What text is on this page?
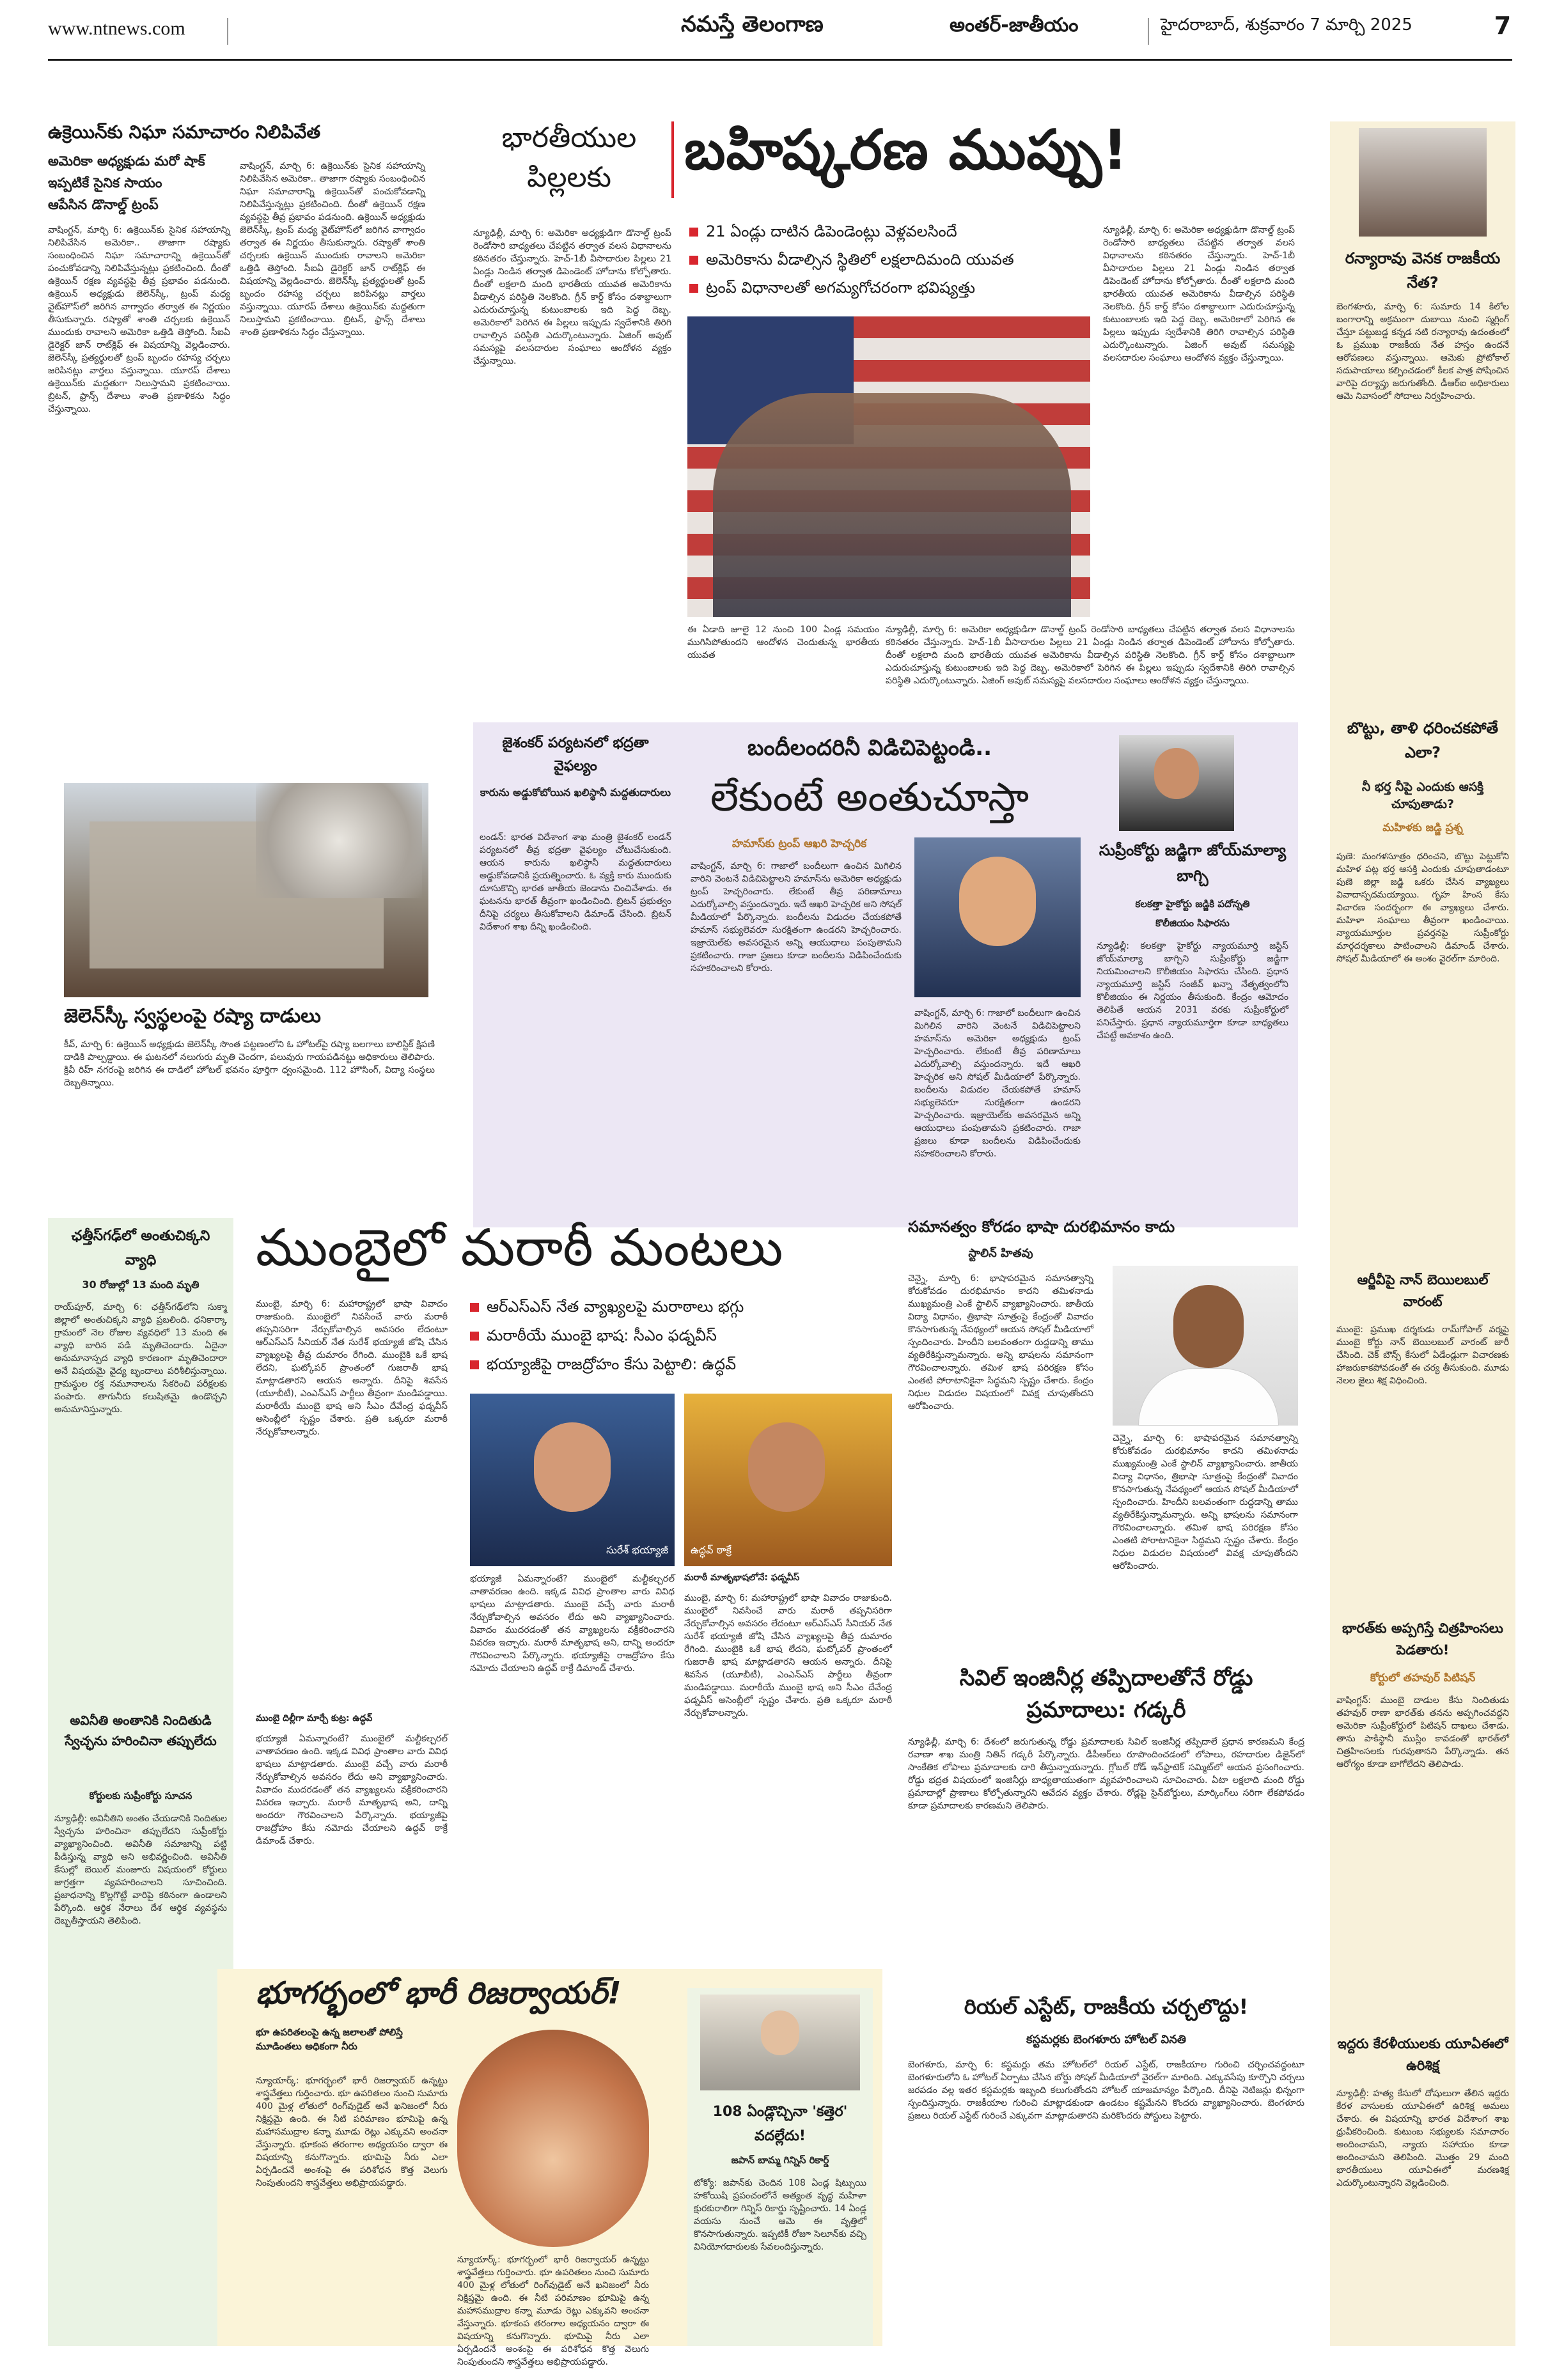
www.ntnews.com	నమస్తే తెలంగాణ	అంతర్-జాతీయం	హైదరాబాద్, శుక్రవారం 7 మార్చి 2025	7
ఉక్రెయిన్‌కు నిఘా సమాచారం నిలిపివేత
అమెరికా అధ్యక్షుడు మరో షాక్
ఇప్పటికే సైనిక సాయం
ఆపేసిన డొనాల్డ్ ట్రంప్
వాషింగ్టన్, మార్చి 6: ఉక్రెయిన్‌కు సైనిక సహాయాన్ని నిలిపివేసిన అమెరికా.. తాజాగా రష్యాకు సంబంధించిన నిఘా సమాచారాన్ని ఉక్రెయిన్‌తో పంచుకోవడాన్ని నిలిపివేస్తున్నట్లు ప్రకటించింది. దీంతో ఉక్రెయిన్ రక్షణ వ్యవస్థపై తీవ్ర ప్రభావం పడనుంది. ఉక్రెయిన్ అధ్యక్షుడు జెలెన్‌స్కీ, ట్రంప్ మధ్య వైట్‌హౌస్‌లో జరిగిన వాగ్వాదం తర్వాత ఈ నిర్ణయం తీసుకున్నారు. రష్యాతో శాంతి చర్చలకు ఉక్రెయిన్ ముందుకు రావాలని అమెరికా ఒత్తిడి తెస్తోంది. సీఐఏ డైరెక్టర్ జాన్ రాట్‌క్లిఫ్ ఈ విషయాన్ని వెల్లడించారు. జెలెన్‌స్కీ ప్రత్యర్థులతో ట్రంప్ బృందం రహస్య చర్చలు జరిపినట్లు వార్తలు వస్తున్నాయి. యూరప్ దేశాలు ఉక్రెయిన్‌కు మద్దతుగా నిలుస్తామని ప్రకటించాయి. బ్రిటన్, ఫ్రాన్స్ దేశాలు శాంతి ప్రణాళికను సిద్ధం చేస్తున్నాయి.
వాషింగ్టన్, మార్చి 6: ఉక్రెయిన్‌కు సైనిక సహాయాన్ని నిలిపివేసిన అమెరికా.. తాజాగా రష్యాకు సంబంధించిన నిఘా సమాచారాన్ని ఉక్రెయిన్‌తో పంచుకోవడాన్ని నిలిపివేస్తున్నట్లు ప్రకటించింది. దీంతో ఉక్రెయిన్ రక్షణ వ్యవస్థపై తీవ్ర ప్రభావం పడనుంది. ఉక్రెయిన్ అధ్యక్షుడు జెలెన్‌స్కీ, ట్రంప్ మధ్య వైట్‌హౌస్‌లో జరిగిన వాగ్వాదం తర్వాత ఈ నిర్ణయం తీసుకున్నారు. రష్యాతో శాంతి చర్చలకు ఉక్రెయిన్ ముందుకు రావాలని అమెరికా ఒత్తిడి తెస్తోంది. సీఐఏ డైరెక్టర్ జాన్ రాట్‌క్లిఫ్ ఈ విషయాన్ని వెల్లడించారు. జెలెన్‌స్కీ ప్రత్యర్థులతో ట్రంప్ బృందం రహస్య చర్చలు జరిపినట్లు వార్తలు వస్తున్నాయి. యూరప్ దేశాలు ఉక్రెయిన్‌కు మద్దతుగా నిలుస్తామని ప్రకటించాయి. బ్రిటన్, ఫ్రాన్స్ దేశాలు శాంతి ప్రణాళికను సిద్ధం చేస్తున్నాయి.
జెలెన్‌స్కీ స్వస్థలంపై రష్యా దాడులు
కీవ్, మార్చి 6: ఉక్రెయిన్ అధ్యక్షుడు జెలెన్‌స్కీ సొంత పట్టణంలోని ఓ హోటల్‌పై రష్యా బలగాలు బాలిస్టిక్ క్షిపణి దాడికి పాల్పడ్డాయి. ఈ ఘటనలో నలుగురు మృతి చెందగా, పలువురు గాయపడినట్టు అధికారులు తెలిపారు. క్రివీ రిహ్ నగరంపై జరిగిన ఈ దాడిలో హోటల్ భవనం పూర్తిగా ధ్వంసమైంది. 112 హౌసింగ్, విద్యా సంస్థలు దెబ్బతిన్నాయి.
భారతీయుల పిల్లలకు	బహిష్కరణ ముప్పు!
న్యూఢిల్లీ, మార్చి 6: అమెరికా అధ్యక్షుడిగా డొనాల్డ్ ట్రంప్ రెండోసారి బాధ్యతలు చేపట్టిన తర్వాత వలస విధానాలను కఠినతరం చేస్తున్నారు. హెచ్-1బీ వీసాదారుల పిల్లలు 21 ఏండ్లు నిండిన తర్వాత డిపెండెంట్ హోదాను కోల్పోతారు. దీంతో లక్షలాది మంది భారతీయ యువత అమెరికాను వీడాల్సిన పరిస్థితి నెలకొంది. గ్రీన్ కార్డ్ కోసం దశాబ్దాలుగా ఎదురుచూస్తున్న కుటుంబాలకు ఇది పెద్ద దెబ్బ. అమెరికాలో పెరిగిన ఈ పిల్లలు ఇప్పుడు స్వదేశానికి తిరిగి రావాల్సిన పరిస్థితి ఎదుర్కొంటున్నారు. ఏజింగ్ అవుట్ సమస్యపై వలసదారుల సంఘాలు ఆందోళన వ్యక్తం చేస్తున్నాయి.
21 ఏండ్లు దాటిన డిపెండెంట్లు వెళ్లవలసిందే
అమెరికాను వీడాల్సిన స్థితిలో లక్షలాదిమంది యువత
ట్రంప్ విధానాలతో అగమ్యగోచరంగా భవిష్యత్తు
ఈ ఏడాది జూలై 12 నుంచి 100 ఏండ్ల సమయం ముగిసిపోతుందని ఆందోళన చెందుతున్న భారతీయ యువత
న్యూఢిల్లీ, మార్చి 6: అమెరికా అధ్యక్షుడిగా డొనాల్డ్ ట్రంప్ రెండోసారి బాధ్యతలు చేపట్టిన తర్వాత వలస విధానాలను కఠినతరం చేస్తున్నారు. హెచ్-1బీ వీసాదారుల పిల్లలు 21 ఏండ్లు నిండిన తర్వాత డిపెండెంట్ హోదాను కోల్పోతారు. దీంతో లక్షలాది మంది భారతీయ యువత అమెరికాను వీడాల్సిన పరిస్థితి నెలకొంది. గ్రీన్ కార్డ్ కోసం దశాబ్దాలుగా ఎదురుచూస్తున్న కుటుంబాలకు ఇది పెద్ద దెబ్బ. అమెరికాలో పెరిగిన ఈ పిల్లలు ఇప్పుడు స్వదేశానికి తిరిగి రావాల్సిన పరిస్థితి ఎదుర్కొంటున్నారు. ఏజింగ్ అవుట్ సమస్యపై వలసదారుల సంఘాలు ఆందోళన వ్యక్తం చేస్తున్నాయి.
న్యూఢిల్లీ, మార్చి 6: అమెరికా అధ్యక్షుడిగా డొనాల్డ్ ట్రంప్ రెండోసారి బాధ్యతలు చేపట్టిన తర్వాత వలస విధానాలను కఠినతరం చేస్తున్నారు. హెచ్-1బీ వీసాదారుల పిల్లలు 21 ఏండ్లు నిండిన తర్వాత డిపెండెంట్ హోదాను కోల్పోతారు. దీంతో లక్షలాది మంది భారతీయ యువత అమెరికాను వీడాల్సిన పరిస్థితి నెలకొంది. గ్రీన్ కార్డ్ కోసం దశాబ్దాలుగా ఎదురుచూస్తున్న కుటుంబాలకు ఇది పెద్ద దెబ్బ. అమెరికాలో పెరిగిన ఈ పిల్లలు ఇప్పుడు స్వదేశానికి తిరిగి రావాల్సిన పరిస్థితి ఎదుర్కొంటున్నారు. ఏజింగ్ అవుట్ సమస్యపై వలసదారుల సంఘాలు ఆందోళన వ్యక్తం చేస్తున్నాయి.
రన్యారావు వెనక రాజకీయ నేత?
బెంగళూరు, మార్చి 6: సుమారు 14 కిలోల బంగారాన్ని అక్రమంగా దుబాయి నుంచి స్మగ్లింగ్ చేస్తూ పట్టుబడ్డ కన్నడ నటి రన్యారావు ఉదంతంలో ఓ ప్రముఖ రాజకీయ నేత హస్తం ఉందనే ఆరోపణలు వస్తున్నాయి. ఆమెకు ప్రోటోకాల్ సదుపాయాలు కల్పించడంలో కీలక పాత్ర పోషించిన వారిపై దర్యాప్తు జరుగుతోంది. డీఆర్ఐ అధికారులు ఆమె నివాసంలో సోదాలు నిర్వహించారు.
బొట్టు, తాళి ధరించకపోతే ఎలా?
నీ భర్త నీపై ఎందుకు ఆసక్తి చూపుతాడు?
మహిళకు జడ్జి ప్రశ్న
పుణె: మంగళసూత్రం ధరించని, బొట్టు పెట్టుకోని మహిళ పట్ల భర్త ఆసక్తి ఎందుకు చూపుతాడంటూ పుణె జిల్లా జడ్జి ఒకరు చేసిన వ్యాఖ్యలు వివాదాస్పదమయ్యాయి. గృహ హింస కేసు విచారణ సందర్భంగా ఈ వ్యాఖ్యలు చేశారు. మహిళా సంఘాలు తీవ్రంగా ఖండించాయి. న్యాయమూర్తుల ప్రవర్తనపై సుప్రీంకోర్టు మార్గదర్శకాలు పాటించాలని డిమాండ్ చేశారు. సోషల్ మీడియాలో ఈ అంశం వైరల్‌గా మారింది.
ఆర్జీవీపై నాన్ బెయిలబుల్ వారంట్
ముంబై: ప్రముఖ దర్శకుడు రామ్‌గోపాల్ వర్మపై ముంబై కోర్టు నాన్ బెయిలబుల్ వారంట్ జారీ చేసింది. చెక్ బౌన్స్ కేసులో ఏడేండ్లుగా విచారణకు హాజరుకాకపోవడంతో ఈ చర్య తీసుకుంది. మూడు నెలల జైలు శిక్ష విధించింది.
భారత్‌కు అప్పగిస్తే చిత్రహింసలు పెడతారు!
కోర్టులో తహవుర్ పిటిషన్
వాషింగ్టన్: ముంబై దాడుల కేసు నిందితుడు తహవుర్ రాణా భారత్‌కు తనను అప్పగించవద్దని అమెరికా సుప్రీంకోర్టులో పిటిషన్ దాఖలు చేశాడు. తాను పాకిస్థానీ ముస్లిం కావడంతో భారత్‌లో చిత్రహింసలకు గురవుతానని పేర్కొన్నాడు. తన ఆరోగ్యం కూడా బాగోలేదని తెలిపాడు.
ఇద్దరు కేరళీయులకు యూఏఈలో ఉరిశిక్ష
న్యూఢిల్లీ: హత్య కేసులో దోషులుగా తేలిన ఇద్దరు కేరళ వాసులకు యూఏఈలో ఉరిశిక్ష అమలు చేశారు. ఈ విషయాన్ని భారత విదేశాంగ శాఖ ధ్రువీకరించింది. కుటుంబ సభ్యులకు సమాచారం అందించామని, న్యాయ సహాయం కూడా అందించామని తెలిపింది. మొత్తం 29 మంది భారతీయులు యూఏఈలో మరణశిక్ష ఎదుర్కొంటున్నారని వెల్లడించింది.
జైశంకర్ పర్యటనలో భద్రతా వైఫల్యం
కారును అడ్డుకోబోయిన ఖలిస్థానీ మద్దతుదారులు
లండన్: భారత విదేశాంగ శాఖ మంత్రి జైశంకర్ లండన్ పర్యటనలో తీవ్ర భద్రతా వైఫల్యం చోటుచేసుకుంది. ఆయన కారును ఖలిస్థానీ మద్దతుదారులు అడ్డుకోవడానికి ప్రయత్నించారు. ఓ వ్యక్తి కారు ముందుకు దూసుకొచ్చి భారత జాతీయ జెండాను చించివేశాడు. ఈ ఘటనను భారత్ తీవ్రంగా ఖండించింది. బ్రిటన్ ప్రభుత్వం దీనిపై చర్యలు తీసుకోవాలని డిమాండ్ చేసింది. బ్రిటన్ విదేశాంగ శాఖ దీన్ని ఖండించింది.
బందీలందరినీ విడిచిపెట్టండి..
లేకుంటే అంతుచూస్తా
హమాస్‌కు ట్రంప్ ఆఖరి హెచ్చరిక
వాషింగ్టన్, మార్చి 6: గాజాలో బందీలుగా ఉంచిన మిగిలిన వారిని వెంటనే విడిచిపెట్టాలని హమాస్‌ను అమెరికా అధ్యక్షుడు ట్రంప్ హెచ్చరించారు. లేకుంటే తీవ్ర పరిణామాలు ఎదుర్కోవాల్సి వస్తుందన్నారు. ఇదే ఆఖరి హెచ్చరిక అని సోషల్ మీడియాలో పేర్కొన్నారు. బందీలను విడుదల చేయకపోతే హమాస్ సభ్యులెవరూ సురక్షితంగా ఉండరని హెచ్చరించారు. ఇజ్రాయెల్‌కు అవసరమైన అన్ని ఆయుధాలు పంపుతామని ప్రకటించారు. గాజా ప్రజలు కూడా బందీలను విడిపించేందుకు సహకరించాలని కోరారు.
వాషింగ్టన్, మార్చి 6: గాజాలో బందీలుగా ఉంచిన మిగిలిన వారిని వెంటనే విడిచిపెట్టాలని హమాస్‌ను అమెరికా అధ్యక్షుడు ట్రంప్ హెచ్చరించారు. లేకుంటే తీవ్ర పరిణామాలు ఎదుర్కోవాల్సి వస్తుందన్నారు. ఇదే ఆఖరి హెచ్చరిక అని సోషల్ మీడియాలో పేర్కొన్నారు. బందీలను విడుదల చేయకపోతే హమాస్ సభ్యులెవరూ సురక్షితంగా ఉండరని హెచ్చరించారు. ఇజ్రాయెల్‌కు అవసరమైన అన్ని ఆయుధాలు పంపుతామని ప్రకటించారు. గాజా ప్రజలు కూడా బందీలను విడిపించేందుకు సహకరించాలని కోరారు.
సుప్రీంకోర్టు జడ్జిగా జోయ్‌మాల్యా బాగ్చి
కలకత్తా హైకోర్టు జడ్జికి పదోన్నతి
కొలీజియం సిఫారసు
న్యూఢిల్లీ: కలకత్తా హైకోర్టు న్యాయమూర్తి జస్టిస్ జోయ్‌మాల్యా బాగ్చిని సుప్రీంకోర్టు జడ్జిగా నియమించాలని కొలీజియం సిఫారసు చేసింది. ప్రధాన న్యాయమూర్తి జస్టిస్ సంజీవ్ ఖన్నా నేతృత్వంలోని కొలీజియం ఈ నిర్ణయం తీసుకుంది. కేంద్రం ఆమోదం తెలిపితే ఆయన 2031 వరకు సుప్రీంకోర్టులో పనిచేస్తారు. ప్రధాన న్యాయమూర్తిగా కూడా బాధ్యతలు చేపట్టే అవకాశం ఉంది.
ఛత్తీస్‌గఢ్‌లో అంతుచిక్కని వ్యాధి
30 రోజుల్లో 13 మంది మృతి
రాయ్‌పూర్, మార్చి 6: ఛత్తీస్‌గఢ్‌లోని సుక్మా జిల్లాలో అంతుచిక్కని వ్యాధి ప్రబలింది. ధనికార్కా గ్రామంలో నెల రోజుల వ్యవధిలో 13 మంది ఈ వ్యాధి బారిన పడి మృతిచెందారు. ఏదైనా అనుమానాస్పద వ్యాధి కారణంగా మృతిచెందారా అనే విషయమై వైద్య బృందాలు పరిశీలిస్తున్నాయి. గ్రామస్థుల రక్త నమూనాలను సేకరించి పరీక్షలకు పంపారు. తాగునీరు కలుషితమై ఉండొచ్చని అనుమానిస్తున్నారు.
అవినీతి అంతానికి నిందితుడి స్వేచ్ఛను హరించినా తప్పులేదు
కోర్టులకు సుప్రీంకోర్టు సూచన
న్యూఢిల్లీ: అవినీతిని అంతం చేయడానికి నిందితుల స్వేచ్ఛను హరించినా తప్పులేదని సుప్రీంకోర్టు వ్యాఖ్యానించింది. అవినీతి సమాజాన్ని పట్టి పీడిస్తున్న వ్యాధి అని అభివర్ణించింది. అవినీతి కేసుల్లో బెయిల్ మంజూరు విషయంలో కోర్టులు జాగ్రత్తగా వ్యవహరించాలని సూచించింది. ప్రజాధనాన్ని కొల్లగొట్టే వారిపై కఠినంగా ఉండాలని పేర్కొంది. ఆర్థిక నేరాలు దేశ ఆర్థిక వ్యవస్థను దెబ్బతీస్తాయని తెలిపింది.
ముంబైలో మరాఠీ మంటలు
ముంబై, మార్చి 6: మహారాష్ట్రలో భాషా వివాదం రాజుకుంది. ముంబైలో నివసించే వారు మరాఠీ తప్పనిసరిగా నేర్చుకోవాల్సిన అవసరం లేదంటూ ఆర్ఎస్ఎస్ సీనియర్ నేత సురేశ్ భయ్యాజీ జోషి చేసిన వ్యాఖ్యలపై తీవ్ర దుమారం రేగింది. ముంబైకి ఒకే భాష లేదని, ఘట్కోపర్ ప్రాంతంలో గుజరాతీ భాష మాట్లాడతారని ఆయన అన్నారు. దీనిపై శివసేన (యూబీటీ), ఎంఎన్ఎస్ పార్టీలు తీవ్రంగా మండిపడ్డాయి. మరాఠీయే ముంబై భాష అని సీఎం దేవేంద్ర ఫడ్నవీస్ అసెంబ్లీలో స్పష్టం చేశారు. ప్రతి ఒక్కరూ మరాఠీ నేర్చుకోవాలన్నారు.
ఆర్ఎస్ఎస్ నేత వ్యాఖ్యలపై మరాఠాలు భగ్గు
మరాఠీయే ముంబై భాష: సీఎం ఫడ్నవీస్
భయ్యాజీపై రాజద్రోహం కేసు పెట్టాలి: ఉద్ధవ్
సురేశ్ భయ్యాజీ ఉద్ధవ్ ఠాక్రే
భయ్యాజీ ఏమన్నారంటే? ముంబైలో మల్టీకల్చరల్ వాతావరణం ఉంది. ఇక్కడ వివిధ ప్రాంతాల వారు వివిధ భాషలు మాట్లాడతారు. ముంబై వచ్చే వారు మరాఠీ నేర్చుకోవాల్సిన అవసరం లేదు అని వ్యాఖ్యానించారు. వివాదం ముదరడంతో తన వ్యాఖ్యలను వక్రీకరించారని వివరణ ఇచ్చారు. మరాఠీ మాతృభాష అని, దాన్ని అందరూ గౌరవించాలని పేర్కొన్నారు. భయ్యాజీపై రాజద్రోహం కేసు నమోదు చేయాలని ఉద్ధవ్ ఠాక్రే డిమాండ్ చేశారు.
మరాఠీ మాతృభాషలోనే: ఫడ్నవీస్
ముంబై, మార్చి 6: మహారాష్ట్రలో భాషా వివాదం రాజుకుంది. ముంబైలో నివసించే వారు మరాఠీ తప్పనిసరిగా నేర్చుకోవాల్సిన అవసరం లేదంటూ ఆర్ఎస్ఎస్ సీనియర్ నేత సురేశ్ భయ్యాజీ జోషి చేసిన వ్యాఖ్యలపై తీవ్ర దుమారం రేగింది. ముంబైకి ఒకే భాష లేదని, ఘట్కోపర్ ప్రాంతంలో గుజరాతీ భాష మాట్లాడతారని ఆయన అన్నారు. దీనిపై శివసేన (యూబీటీ), ఎంఎన్ఎస్ పార్టీలు తీవ్రంగా మండిపడ్డాయి. మరాఠీయే ముంబై భాష అని సీఎం దేవేంద్ర ఫడ్నవీస్ అసెంబ్లీలో స్పష్టం చేశారు. ప్రతి ఒక్కరూ మరాఠీ నేర్చుకోవాలన్నారు.
ముంబై దిల్లీగా మార్చే కుట్ర: ఉద్ధవ్
భయ్యాజీ ఏమన్నారంటే? ముంబైలో మల్టీకల్చరల్ వాతావరణం ఉంది. ఇక్కడ వివిధ ప్రాంతాల వారు వివిధ భాషలు మాట్లాడతారు. ముంబై వచ్చే వారు మరాఠీ నేర్చుకోవాల్సిన అవసరం లేదు అని వ్యాఖ్యానించారు. వివాదం ముదరడంతో తన వ్యాఖ్యలను వక్రీకరించారని వివరణ ఇచ్చారు. మరాఠీ మాతృభాష అని, దాన్ని అందరూ గౌరవించాలని పేర్కొన్నారు. భయ్యాజీపై రాజద్రోహం కేసు నమోదు చేయాలని ఉద్ధవ్ ఠాక్రే డిమాండ్ చేశారు.
సమానత్వం కోరడం భాషా దురభిమానం కాదు
స్టాలిన్ హితవు
చెన్నై, మార్చి 6: భాషాపరమైన సమానత్వాన్ని కోరుకోవడం దురభిమానం కాదని తమిళనాడు ముఖ్యమంత్రి ఎంకే స్టాలిన్ వ్యాఖ్యానించారు. జాతీయ విద్యా విధానం, త్రిభాషా సూత్రంపై కేంద్రంతో వివాదం కొనసాగుతున్న నేపథ్యంలో ఆయన సోషల్ మీడియాలో స్పందించారు. హిందీని బలవంతంగా రుద్దడాన్ని తాము వ్యతిరేకిస్తున్నామన్నారు. అన్ని భాషలను సమానంగా గౌరవించాలన్నారు. తమిళ భాష పరిరక్షణ కోసం ఎంతటి పోరాటానికైనా సిద్ధమని స్పష్టం చేశారు. కేంద్రం నిధుల విడుదల విషయంలో వివక్ష చూపుతోందని ఆరోపించారు.
చెన్నై, మార్చి 6: భాషాపరమైన సమానత్వాన్ని కోరుకోవడం దురభిమానం కాదని తమిళనాడు ముఖ్యమంత్రి ఎంకే స్టాలిన్ వ్యాఖ్యానించారు. జాతీయ విద్యా విధానం, త్రిభాషా సూత్రంపై కేంద్రంతో వివాదం కొనసాగుతున్న నేపథ్యంలో ఆయన సోషల్ మీడియాలో స్పందించారు. హిందీని బలవంతంగా రుద్దడాన్ని తాము వ్యతిరేకిస్తున్నామన్నారు. అన్ని భాషలను సమానంగా గౌరవించాలన్నారు. తమిళ భాష పరిరక్షణ కోసం ఎంతటి పోరాటానికైనా సిద్ధమని స్పష్టం చేశారు. కేంద్రం నిధుల విడుదల విషయంలో వివక్ష చూపుతోందని ఆరోపించారు.
సివిల్ ఇంజినీర్ల తప్పిదాలతోనే రోడ్డు ప్రమాదాలు: గడ్కరీ
న్యూఢిల్లీ, మార్చి 6: దేశంలో జరుగుతున్న రోడ్డు ప్రమాదాలకు సివిల్ ఇంజినీర్ల తప్పిదాలే ప్రధాన కారణమని కేంద్ర రవాణా శాఖ మంత్రి నితిన్ గడ్కరీ పేర్కొన్నారు. డీపీఆర్‌లు రూపొందించడంలో లోపాలు, రహదారుల డిజైన్‌లో సాంకేతిక లోపాలు ప్రమాదాలకు దారి తీస్తున్నాయన్నారు. గ్లోబల్ రోడ్ ఇన్‌ఫ్రాటెక్ సమ్మిట్‌లో ఆయన ప్రసంగించారు. రోడ్డు భద్రత విషయంలో ఇంజినీర్లు బాధ్యతాయుతంగా వ్యవహరించాలని సూచించారు. ఏటా లక్షలాది మంది రోడ్డు ప్రమాదాల్లో ప్రాణాలు కోల్పోతున్నారని ఆవేదన వ్యక్తం చేశారు. రోడ్లపై సైన్‌బోర్డులు, మార్కింగ్‌లు సరిగా లేకపోవడం కూడా ప్రమాదాలకు కారణమని తెలిపారు.
భూగర్భంలో భారీ రిజర్వాయర్!
భూ ఉపరితలంపై ఉన్న జలాలతో పోలిస్తే మూడింతలు అధికంగా నీరు
న్యూయార్క్: భూగర్భంలో భారీ రిజర్వాయర్ ఉన్నట్టు శాస్త్రవేత్తలు గుర్తించారు. భూ ఉపరితలం నుంచి సుమారు 400 మైళ్ల లోతులో రింగ్‌వుడైట్ అనే ఖనిజంలో నీరు నిక్షిప్తమై ఉంది. ఈ నీటి పరిమాణం భూమిపై ఉన్న మహాసముద్రాల కన్నా మూడు రెట్లు ఎక్కువని అంచనా వేస్తున్నారు. భూకంప తరంగాల అధ్యయనం ద్వారా ఈ విషయాన్ని కనుగొన్నారు. భూమిపై నీరు ఎలా ఏర్పడిందనే అంశంపై ఈ పరిశోధన కొత్త వెలుగు నింపుతుందని శాస్త్రవేత్తలు అభిప్రాయపడ్డారు.
న్యూయార్క్: భూగర్భంలో భారీ రిజర్వాయర్ ఉన్నట్టు శాస్త్రవేత్తలు గుర్తించారు. భూ ఉపరితలం నుంచి సుమారు 400 మైళ్ల లోతులో రింగ్‌వుడైట్ అనే ఖనిజంలో నీరు నిక్షిప్తమై ఉంది. ఈ నీటి పరిమాణం భూమిపై ఉన్న మహాసముద్రాల కన్నా మూడు రెట్లు ఎక్కువని అంచనా వేస్తున్నారు. భూకంప తరంగాల అధ్యయనం ద్వారా ఈ విషయాన్ని కనుగొన్నారు. భూమిపై నీరు ఎలా ఏర్పడిందనే అంశంపై ఈ పరిశోధన కొత్త వెలుగు నింపుతుందని శాస్త్రవేత్తలు అభిప్రాయపడ్డారు.
108 ఏండ్లొచ్చినా 'కత్తెర' వదల్లేదు!
జపాన్ బామ్మ గిన్నిస్ రికార్డ్
టోక్యో: జపాన్‌కు చెందిన 108 ఏండ్ల షిట్సుయి హకోయిషి ప్రపంచంలోనే అత్యంత వృద్ధ మహిళా క్షురకురాలిగా గిన్నిస్ రికార్డు సృష్టించారు. 14 ఏండ్ల వయసు నుంచే ఆమె ఈ వృత్తిలో కొనసాగుతున్నారు. ఇప్పటికీ రోజూ సెలూన్‌కు వచ్చి వినియోగదారులకు సేవలందిస్తున్నారు.
రియల్ ఎస్టేట్, రాజకీయ చర్చలొద్దు!
కస్టమర్లకు బెంగళూరు హోటల్ వినతి
బెంగళూరు, మార్చి 6: కస్టమర్లు తమ హోటల్‌లో రియల్ ఎస్టేట్, రాజకీయాల గురించి చర్చించవద్దంటూ బెంగళూరులోని ఓ హోటల్ ఏర్పాటు చేసిన బోర్డు సోషల్ మీడియాలో వైరల్‌గా మారింది. ఎక్కువసేపు కూర్చొని చర్చలు జరపడం వల్ల ఇతర కస్టమర్లకు ఇబ్బంది కలుగుతోందని హోటల్ యాజమాన్యం పేర్కొంది. దీనిపై నెటిజన్లు భిన్నంగా స్పందిస్తున్నారు. రాజకీయాల గురించి మాట్లాడకుండా ఉండటం కష్టమేనని కొందరు వ్యాఖ్యానించారు. బెంగళూరు ప్రజలు రియల్ ఎస్టేట్ గురించే ఎక్కువగా మాట్లాడుతారని మరికొందరు పోస్టులు పెట్టారు.
